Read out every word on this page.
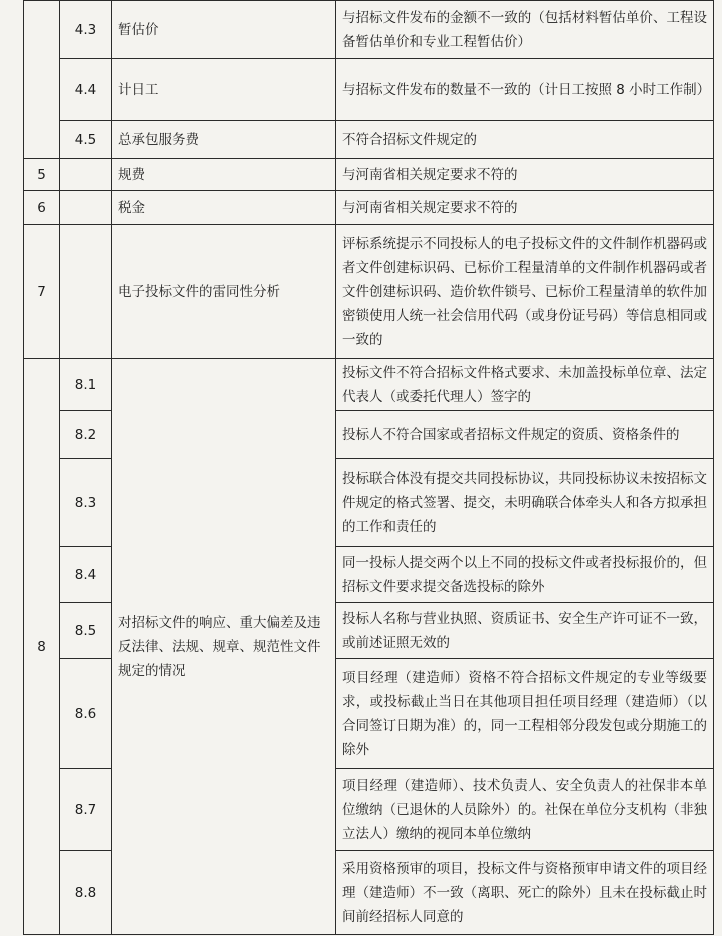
	4.3	暂估价	与招标文件发布的金额不一致的（包括材料暂估单价、工程设备暂估单价和专业工程暂估价）
	4.4	计日工	与招标文件发布的数量不一致的（计日工按照 8 小时工作制）
	4.5	总承包服务费	不符合招标文件规定的
5		规费	与河南省相关规定要求不符的
6		税金	与河南省相关规定要求不符的
7		电子投标文件的雷同性分析	评标系统提示不同投标人的电子投标文件的文件制作机器码或者文件创建标识码、已标价工程量清单的文件制作机器码或者文件创建标识码、造价软件锁号、已标价工程量清单的软件加密锁使用人统一社会信用代码（或身份证号码）等信息相同或一致的
8	8.1	对招标文件的响应、重大偏差及违反法律、法规、规章、规范性文件规定的情况	投标文件不符合招标文件格式要求、未加盖投标单位章、法定代表人（或委托代理人）签字的
	8.2		投标人不符合国家或者招标文件规定的资质、资格条件的
	8.3		投标联合体没有提交共同投标协议，共同投标协议未按招标文件规定的格式签署、提交，未明确联合体牵头人和各方拟承担的工作和责任的
	8.4		同一投标人提交两个以上不同的投标文件或者投标报价的，但招标文件要求提交备选投标的除外
	8.5		投标人名称与营业执照、资质证书、安全生产许可证不一致，或前述证照无效的
	8.6		项目经理（建造师）资格不符合招标文件规定的专业等级要求，或投标截止当日在其他项目担任项目经理（建造师）（以合同签订日期为准）的，同一工程相邻分段发包或分期施工的除外
	8.7		项目经理（建造师）、技术负责人、安全负责人的社保非本单位缴纳（已退休的人员除外）的。社保在单位分支机构（非独立法人）缴纳的视同本单位缴纳
	8.8		采用资格预审的项目，投标文件与资格预审申请文件的项目经理（建造师）不一致（离职、死亡的除外）且未在投标截止时间前经招标人同意的
